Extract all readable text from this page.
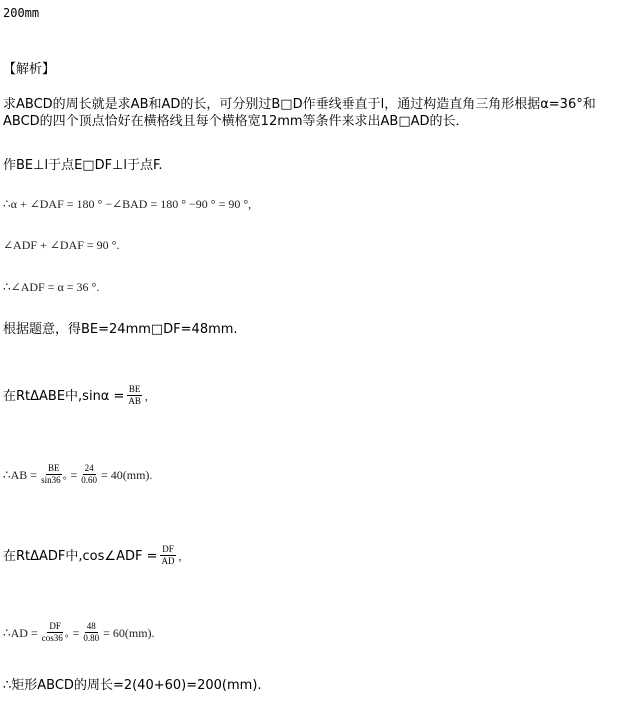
200mm
【解析】
求ABCD的周长就是求AB和AD的长，可分别过B□D作垂线垂直于l，通过构造直角三角形根据α=36°和ABCD的四个顶点恰好在横格线且每个横格宽12mm等条件来求出AB□AD的长．
作BE⊥l于点E□DF⊥l于点F.
∴α + ∠DAF = 180 ° −∠BAD = 180 ° −90 ° = 90 °,
∠ADF + ∠DAF = 90 °.
∴∠ADF = α = 36 °.
根据题意，得BE=24mm□DF=48mm.
在RtΔABE中$,\sin\alpha = \frac{BE}{AB}$ ,
∴AB = $\frac{BE}{\sin 36 ^\circ} = \frac{24}{0.60} = 40(mm)$.
在RtΔADF中,cos∠ADF = $\frac{DF}{AD}$ ,
∴AD = $\frac{DF}{\cos 36 ^\circ} = \frac{48}{0.80} = 60(mm)$.
∴矩形ABCD的周长=2(40+60)=200(mm).
